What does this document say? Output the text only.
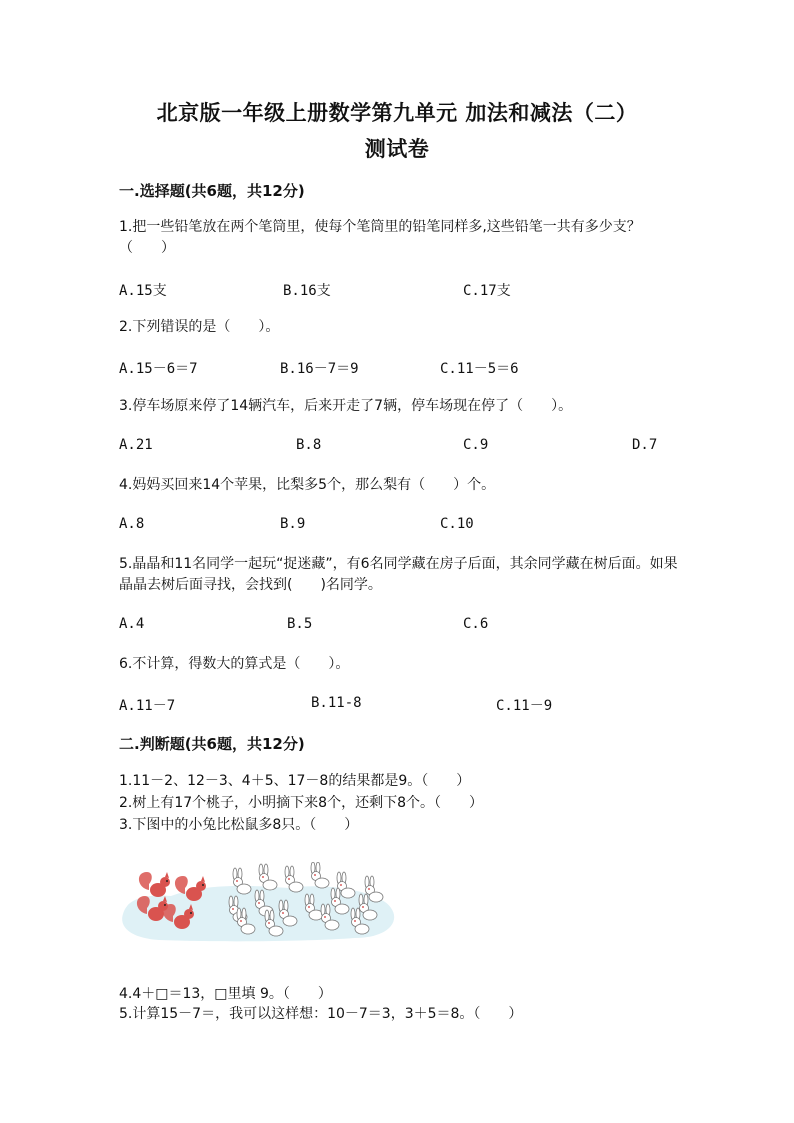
北京版一年级上册数学第九单元 加法和减法（二）
测试卷
一.选择题(共6题，共12分)
1.把一些铅笔放在两个笔筒里，使每个笔筒里的铅笔同样多,这些铅笔一共有多少支？（　　）
A.15支	B.16支	C.17支
2.下列错误的是（　　）。
A.15－6＝7	B.16－7＝9	C.11－5＝6
3.停车场原来停了14辆汽车，后来开走了7辆，停车场现在停了（　　）。
A.21	B.8	C.9	D.7
4.妈妈买回来14个苹果，比梨多5个，那么梨有（　　）个。
A.8	B.9	C.10
5.晶晶和11名同学一起玩“捉迷藏”，有6名同学藏在房子后面，其余同学藏在树后面。如果晶晶去树后面寻找，会找到(　　)名同学。
A.4	B.5	C.6
6.不计算，得数大的算式是（　　）。
A.11－7	B.11-8	C.11－9
二.判断题(共6题，共12分)
1.11－2、12－3、4＋5、17－8的结果都是9。（　　）
2.树上有17个桃子，小明摘下来8个，还剩下8个。（　　）
3.下图中的小兔比松鼠多8只。（　　）
4.4＋□＝13，□里填 9。（　　）
5.计算15－7＝，我可以这样想：10－7＝3，3＋5＝8。（　　）
